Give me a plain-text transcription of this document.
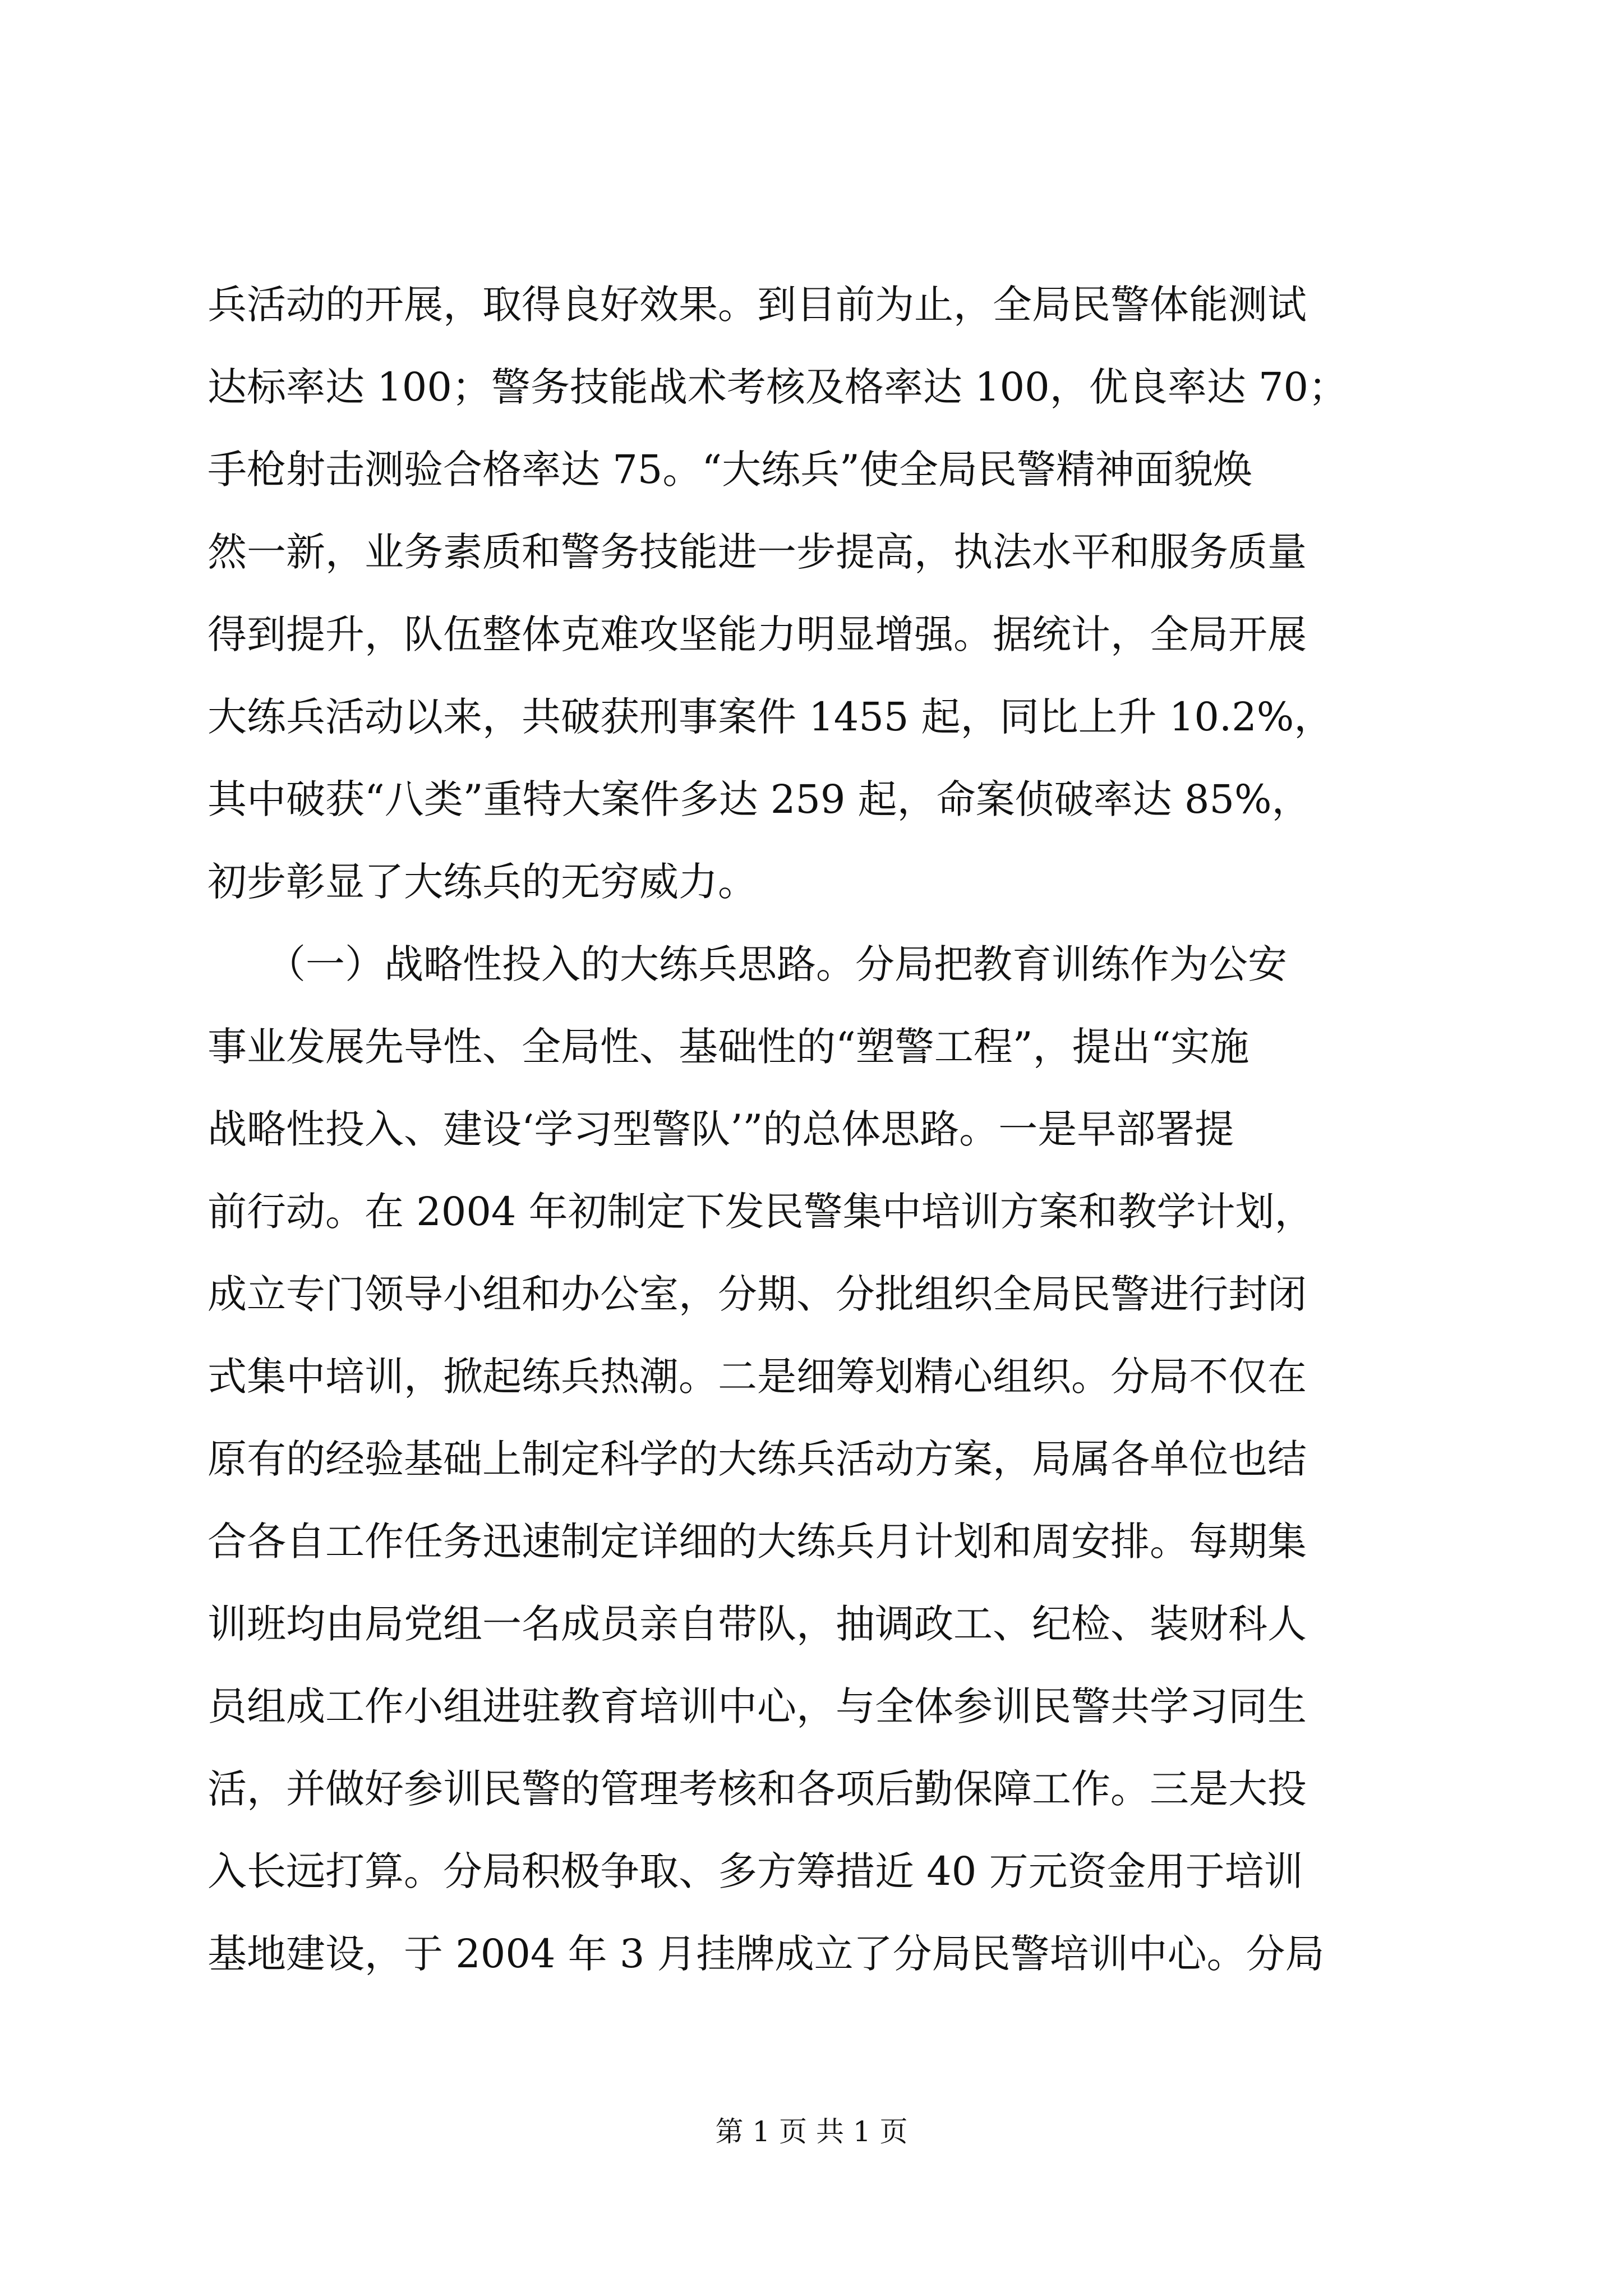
兵活动的开展，取得良好效果。到目前为止，全局民警体能测试
达标率达 100；警务技能战术考核及格率达 100，优良率达 70；
手枪射击测验合格率达 75。“大练兵”使全局民警精神面貌焕
然一新，业务素质和警务技能进一步提高，执法水平和服务质量
得到提升，队伍整体克难攻坚能力明显增强。据统计，全局开展
大练兵活动以来，共破获刑事案件 1455 起，同比上升 10.2%，
其中破获“八类”重特大案件多达 259 起，命案侦破率达 85%，
初步彰显了大练兵的无穷威力。
　　（一）战略性投入的大练兵思路。分局把教育训练作为公安
事业发展先导性、全局性、基础性的“塑警工程”，提出“实施
战略性投入、建设‘学习型警队’”的总体思路。一是早部署提
前行动。在 2004 年初制定下发民警集中培训方案和教学计划，
成立专门领导小组和办公室，分期、分批组织全局民警进行封闭
式集中培训，掀起练兵热潮。二是细筹划精心组织。分局不仅在
原有的经验基础上制定科学的大练兵活动方案，局属各单位也结
合各自工作任务迅速制定详细的大练兵月计划和周安排。每期集
训班均由局党组一名成员亲自带队，抽调政工、纪检、装财科人
员组成工作小组进驻教育培训中心，与全体参训民警共学习同生
活，并做好参训民警的管理考核和各项后勤保障工作。三是大投
入长远打算。分局积极争取、多方筹措近 40 万元资金用于培训
基地建设，于 2004 年 3 月挂牌成立了分局民警培训中心。分局
第 1 页 共 1 页
